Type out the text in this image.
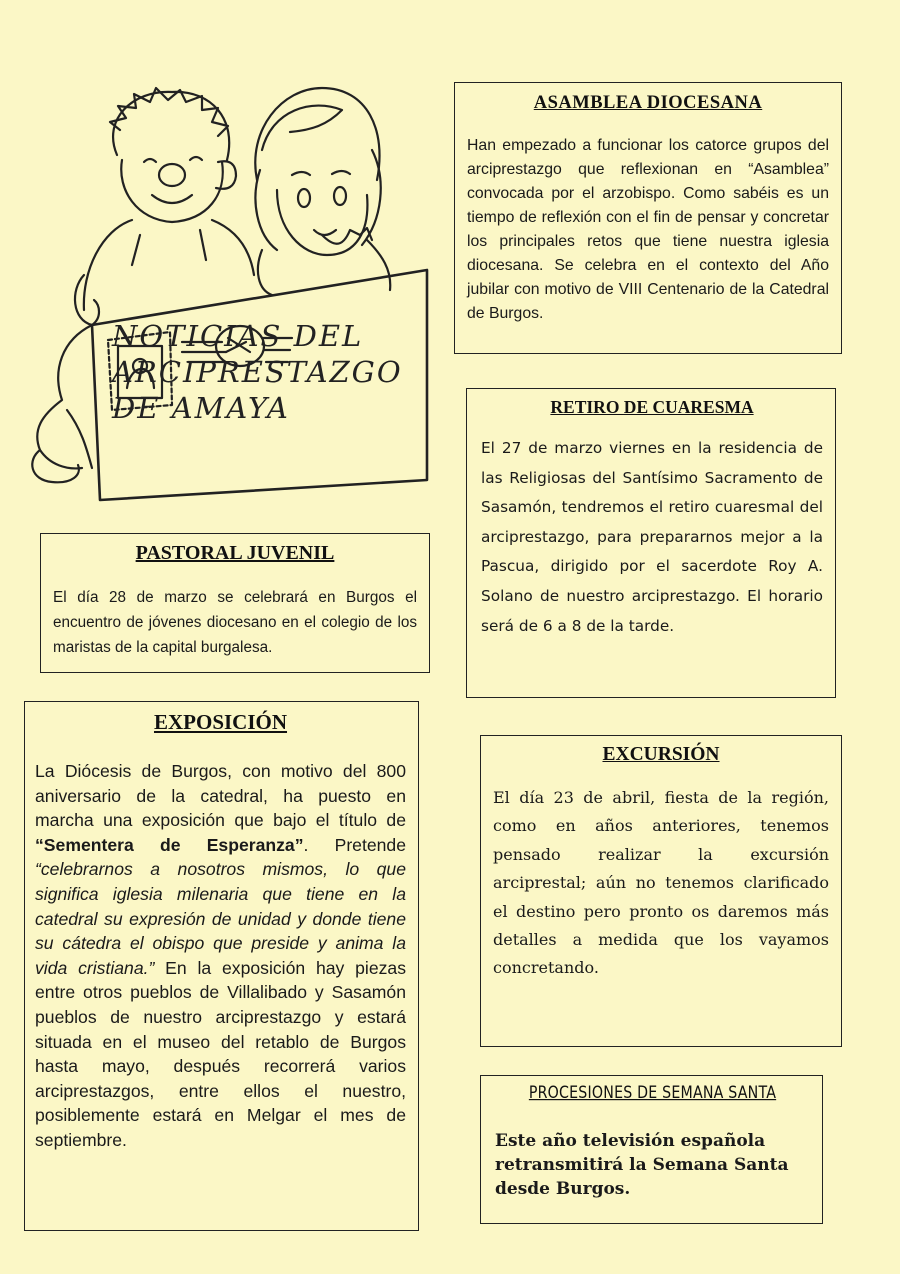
NOTICIAS DEL
ARCIPRESTAZGO
DE AMAYA
ASAMBLEA DIOCESANA

Han empezado a funcionar los catorce grupos del arciprestazgo que reflexionan en “Asamblea” convocada por el arzobispo. Como sabéis es un tiempo de reflexión con el fin de pensar y concretar los principales retos que tiene nuestra iglesia diocesana. Se celebra en el contexto del Año jubilar con motivo de VIII Centenario de la Catedral de Burgos.

RETIRO DE CUARESMA

El 27 de marzo viernes en la residencia de las Religiosas del Santísimo Sacramento de Sasamón, tendremos el retiro cuaresmal del arciprestazgo, para prepararnos mejor a la Pascua, dirigido por el sacerdote Roy A. Solano de nuestro arciprestazgo. El horario será de 6 a 8 de la tarde.

PASTORAL JUVENIL

El día 28 de marzo se celebrará en Burgos el encuentro de jóvenes diocesano en el colegio de los maristas de la capital burgalesa.

EXPOSICIÓN

La Diócesis de Burgos, con motivo del 800 aniversario de la catedral, ha puesto en marcha una exposición que bajo el título de “Sementera de Esperanza”. Pretende “celebrarnos a nosotros mismos, lo que significa iglesia milenaria que tiene en la catedral su expresión de unidad y donde tiene su cátedra el obispo que preside y anima la vida cristiana.” En la exposición hay piezas entre otros pueblos de Villalibado y Sasamón pueblos de nuestro arciprestazgo y estará situada en el museo del retablo de Burgos hasta mayo, después recorrerá varios arciprestazgos, entre ellos el nuestro, posiblemente estará en Melgar el mes de septiembre.

EXCURSIÓN

El día 23 de abril, fiesta de la región, como en años anteriores, tenemos pensado realizar la excursión arciprestal; aún no tenemos clarificado el destino pero pronto os daremos más detalles a medida que los vayamos concretando.

PROCESIONES DE SEMANA SANTA

Este año televisión española retransmitirá la Semana Santa desde Burgos.
